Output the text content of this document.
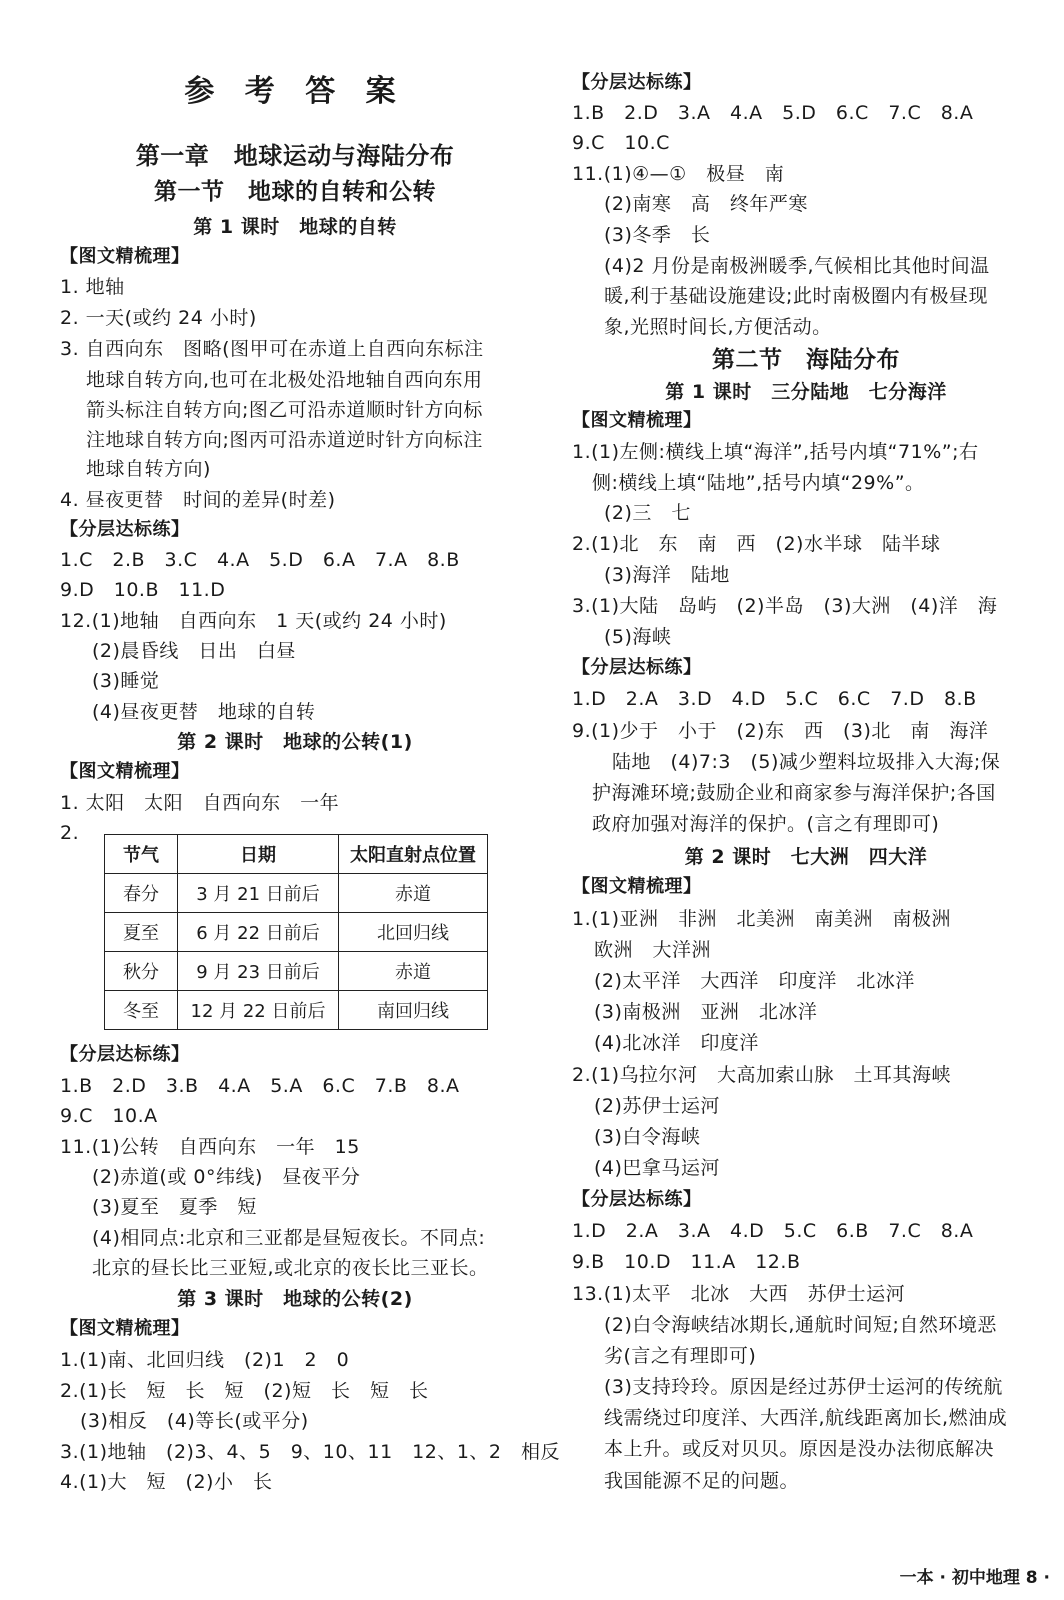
参 考 答 案
第一章　地球运动与海陆分布
第一节　地球的自转和公转
第 1 课时　地球的自转
【图文精梳理】
1. 地轴
2. 一天(或约 24 小时)
3. 自西向东　图略(图甲可在赤道上自西向东标注
地球自转方向,也可在北极处沿地轴自西向东用
箭头标注自转方向;图乙可沿赤道顺时针方向标
注地球自转方向;图丙可沿赤道逆时针方向标注
地球自转方向)
4. 昼夜更替　时间的差异(时差)
【分层达标练】
1.C　2.B　3.C　4.A　5.D　6.A　7.A　8.B
9.D　10.B　11.D
12.(1)地轴　自西向东　1 天(或约 24 小时)
(2)晨昏线　日出　白昼
(3)睡觉
(4)昼夜更替　地球的自转
第 2 课时　地球的公转(1)
【图文精梳理】
1. 太阳　太阳　自西向东　一年
2.
节气	日期	太阳直射点位置
春分	3 月 21 日前后	赤道
夏至	6 月 22 日前后	北回归线
秋分	9 月 23 日前后	赤道
冬至	12 月 22 日前后	南回归线
【分层达标练】
1.B　2.D　3.B　4.A　5.A　6.C　7.B　8.A
9.C　10.A
11.(1)公转　自西向东　一年　15
(2)赤道(或 0°纬线)　昼夜平分
(3)夏至　夏季　短
(4)相同点:北京和三亚都是昼短夜长。不同点:
北京的昼长比三亚短,或北京的夜长比三亚长。
第 3 课时　地球的公转(2)
【图文精梳理】
1.(1)南、北回归线　(2)1　2　0
2.(1)长　短　长　短　(2)短　长　短　长
(3)相反　(4)等长(或平分)
3.(1)地轴　(2)3、4、5　9、10、11　12、1、2　相反
4.(1)大　短　(2)小　长
【分层达标练】
1.B　2.D　3.A　4.A　5.D　6.C　7.C　8.A
9.C　10.C
11.(1)④—①　极昼　南
(2)南寒　高　终年严寒
(3)冬季　长
(4)2 月份是南极洲暖季,气候相比其他时间温
暖,利于基础设施建设;此时南极圈内有极昼现
象,光照时间长,方便活动。
第二节　海陆分布
第 1 课时　三分陆地　七分海洋
【图文精梳理】
1.(1)左侧:横线上填“海洋”,括号内填“71%”;右
侧:横线上填“陆地”,括号内填“29%”。
(2)三　七
2.(1)北　东　南　西　(2)水半球　陆半球
(3)海洋　陆地
3.(1)大陆　岛屿　(2)半岛　(3)大洲　(4)洋　海
(5)海峡
【分层达标练】
1.D　2.A　3.D　4.D　5.C　6.C　7.D　8.B
9.(1)少于　小于　(2)东　西　(3)北　南　海洋
陆地　(4)7:3　(5)减少塑料垃圾排入大海;保
护海滩环境;鼓励企业和商家参与海洋保护;各国
政府加强对海洋的保护。(言之有理即可)
第 2 课时　七大洲　四大洋
【图文精梳理】
1.(1)亚洲　非洲　北美洲　南美洲　南极洲
欧洲　大洋洲
(2)太平洋　大西洋　印度洋　北冰洋
(3)南极洲　亚洲　北冰洋
(4)北冰洋　印度洋
2.(1)乌拉尔河　大高加索山脉　土耳其海峡
(2)苏伊士运河
(3)白令海峡
(4)巴拿马运河
【分层达标练】
1.D　2.A　3.A　4.D　5.C　6.B　7.C　8.A
9.B　10.D　11.A　12.B
13.(1)太平　北冰　大西　苏伊士运河
(2)白令海峡结冰期长,通航时间短;自然环境恶
劣(言之有理即可)
(3)支持玲玲。原因是经过苏伊士运河的传统航
线需绕过印度洋、大西洋,航线距离加长,燃油成
本上升。或反对贝贝。原因是没办法彻底解决
我国能源不足的问题。
一本 · 初中地理 8 ·
